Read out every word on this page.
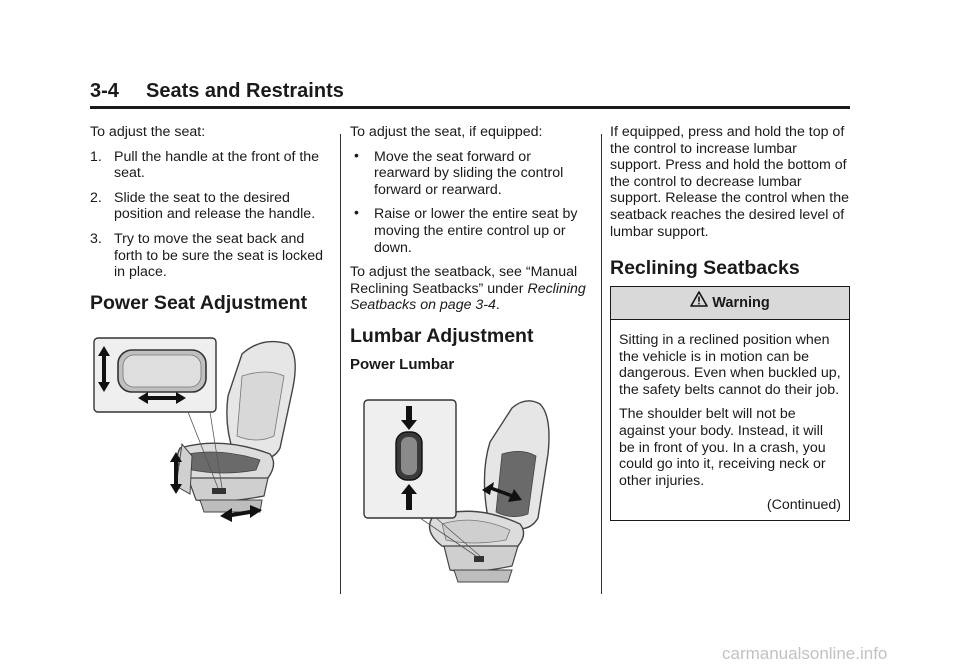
3-4 Seats and Restraints

To adjust the seat:

1. Pull the handle at the front of the seat.
2. Slide the seat to the desired position and release the handle.
3. Try to move the seat back and forth to be sure the seat is locked in place.
Power Seat Adjustment

To adjust the seat, if equipped:

• Move the seat forward or rearward by sliding the control forward or rearward.
• Raise or lower the entire seat by moving the entire control up or down.

To adjust the seatback, see “Manual Reclining Seatbacks” under Reclining Seatbacks on page 3-4.

Lumbar Adjustment
Power Lumbar

If equipped, press and hold the top of the control to increase lumbar support. Press and hold the bottom of the control to decrease lumbar support. Release the control when the seatback reaches the desired level of lumbar support.

Reclining Seatbacks
Warning

Sitting in a reclined position when the vehicle is in motion can be dangerous. Even when buckled up, the safety belts cannot do their job.

The shoulder belt will not be against your body. Instead, it will be in front of you. In a crash, you could go into it, receiving neck or other injuries.

(Continued)

carmanualsonline.info
